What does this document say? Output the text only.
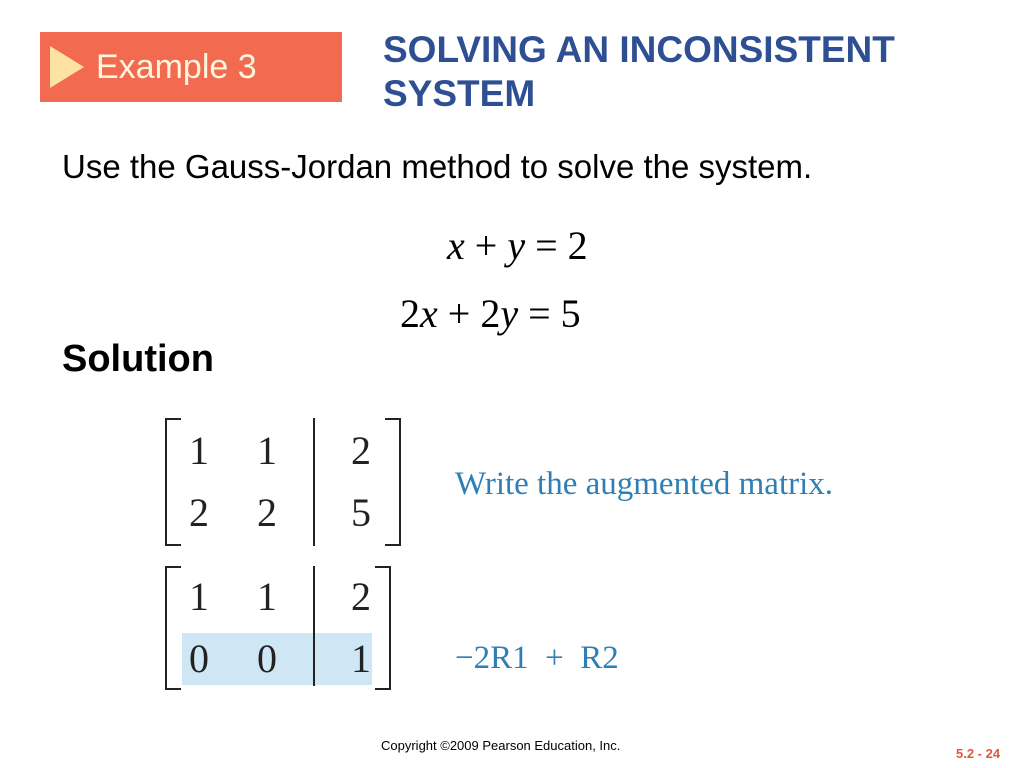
Example 3	SOLVING AN INCONSISTENT
SYSTEM
Use the Gauss-Jordan method to solve the system.
x + y = 2
2x + 2y = 5
Solution
1 1 2
2 2 5
Write the augmented matrix.
1 1 2
0 0 1	−2R1  +  R2
Copyright ©2009 Pearson Education, Inc.
5.2 - 24
